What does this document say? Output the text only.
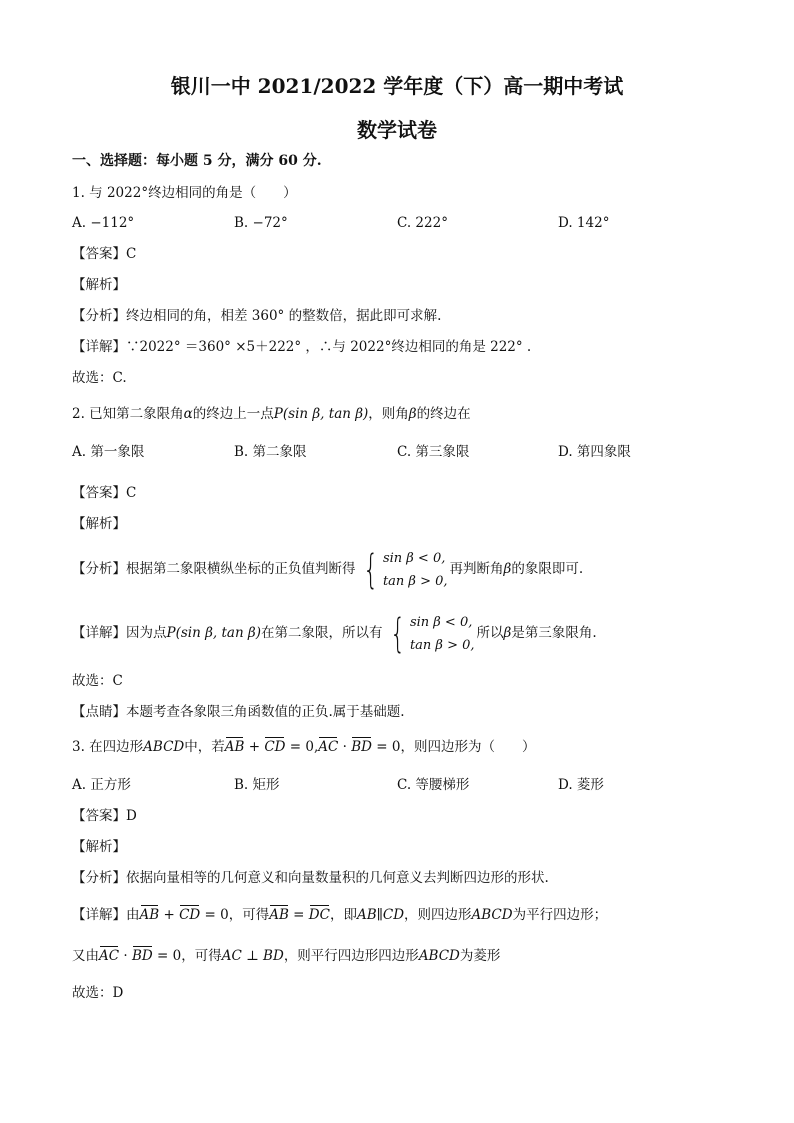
银川一中 2021/2022 学年度（下）高一期中考试
数学试卷
一、选择题：每小题 5 分，满分 60 分.
1. 与 2022°终边相同的角是（　　）
A. −112°	B. −72°	C. 222°	D. 142°
【答案】C
【解析】
【分析】终边相同的角，相差 360° 的整数倍，据此即可求解.
【详解】∵2022° ＝360° ×5＋222° ，∴与 2022°终边相同的角是 222° .
故选：C.
2. 已知第二象限角α的终边上一点P(sin β, tan β)，则角β的终边在
A. 第一象限	B. 第二象限	C. 第三象限	D. 第四象限
【答案】C
【解析】
【分析】根据第二象限横纵坐标的正负值判断得 { sin β < 0,
tan β > 0,
再判断角β的象限即可.
【详解】因为点P(sin β, tan β)在第二象限，所以有 { sin β < 0,
tan β > 0,
所以β是第三象限角.
故选：C
【点睛】本题考查各象限三角函数值的正负.属于基础题.
3. 在四边形ABCD中，若AB + CD = 0,AC · BD = 0，则四边形为（　　）
A. 正方形	B. 矩形	C. 等腰梯形	D. 菱形
【答案】D
【解析】
【分析】依据向量相等的几何意义和向量数量积的几何意义去判断四边形的形状.
【详解】由AB + CD = 0，可得AB = DC，即AB∥CD，则四边形ABCD为平行四边形；
又由AC · BD = 0，可得AC ⊥ BD，则平行四边形四边形ABCD为菱形
故选：D
